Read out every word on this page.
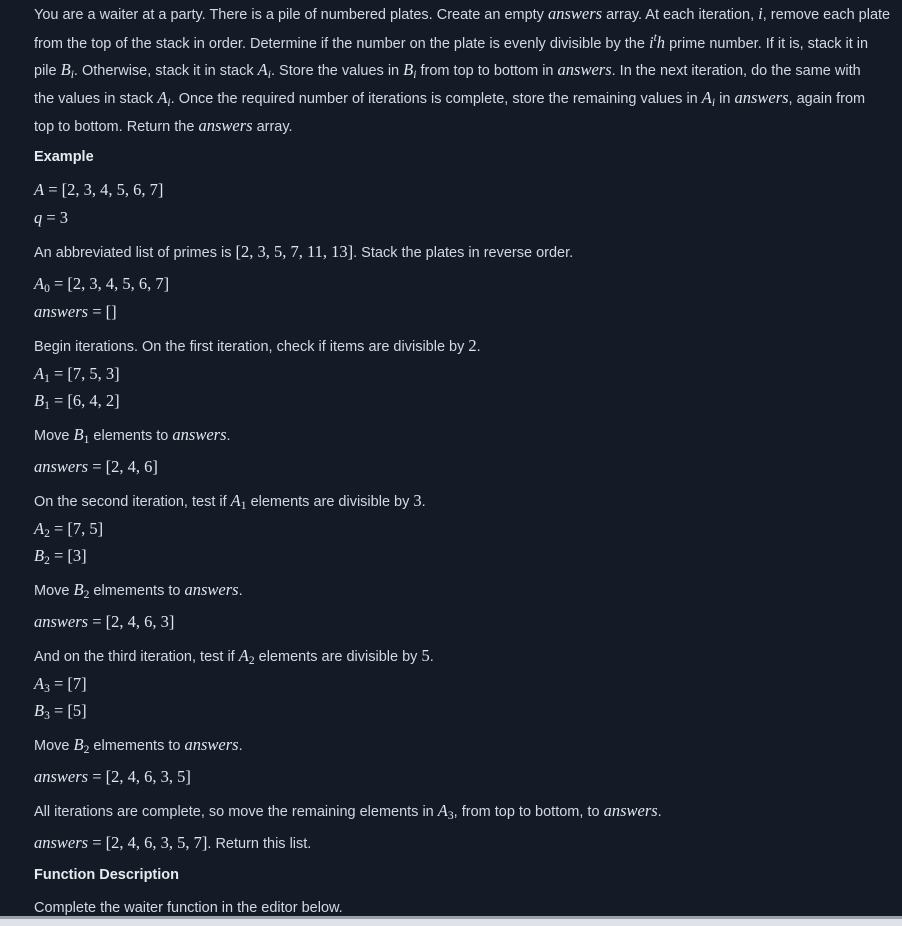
You are a waiter at a party. There is a pile of numbered plates. Create an empty answers array. At each iteration, i, remove each plate
from the top of the stack in order. Determine if the number on the plate is evenly divisible by the $i^th$ prime number. If it is, stack it in
pile $B_i$. Otherwise, stack it in stack $A_i$. Store the values in $B_i$ from top to bottom in answers. In the next iteration, do the same with
the values in stack $A_i$. Once the required number of iterations is complete, store the remaining values in $A_i$ in answers, again from
top to bottom. Return the answers array.
Example
A = [2, 3, 4, 5, 6, 7]
q = 3
An abbreviated list of primes is [2, 3, 5, 7, 11, 13]. Stack the plates in reverse order.
$A_0 = [2$, 3, 4, 5, 6, 7]
answers = []
Begin iterations. On the first iteration, check if items are divisible by 2.
$A_1 = [7$, 5, 3]
$B_1 = [6$, 4, 2]
Move $B_1$ elements to answers.
answers = [2, 4, 6]
On the second iteration, test if $A_1$ elements are divisible by 3.
$A_2 = [7$, 5]
$B_2 = [3]$
Move $B_2$ elmements to answers.
answers = [2, 4, 6, 3]
And on the third iteration, test if $A_2$ elements are divisible by 5.
$A_3 = [7]$
$B_3 = [5]$
Move $B_2$ elmements to answers.
answers = [2, 4, 6, 3, 5]
All iterations are complete, so move the remaining elements in $A_3$, from top to bottom, to answers.
answers = [2, 4, 6, 3, 5, 7]. Return this list.
Function Description
Complete the waiter function in the editor below.
